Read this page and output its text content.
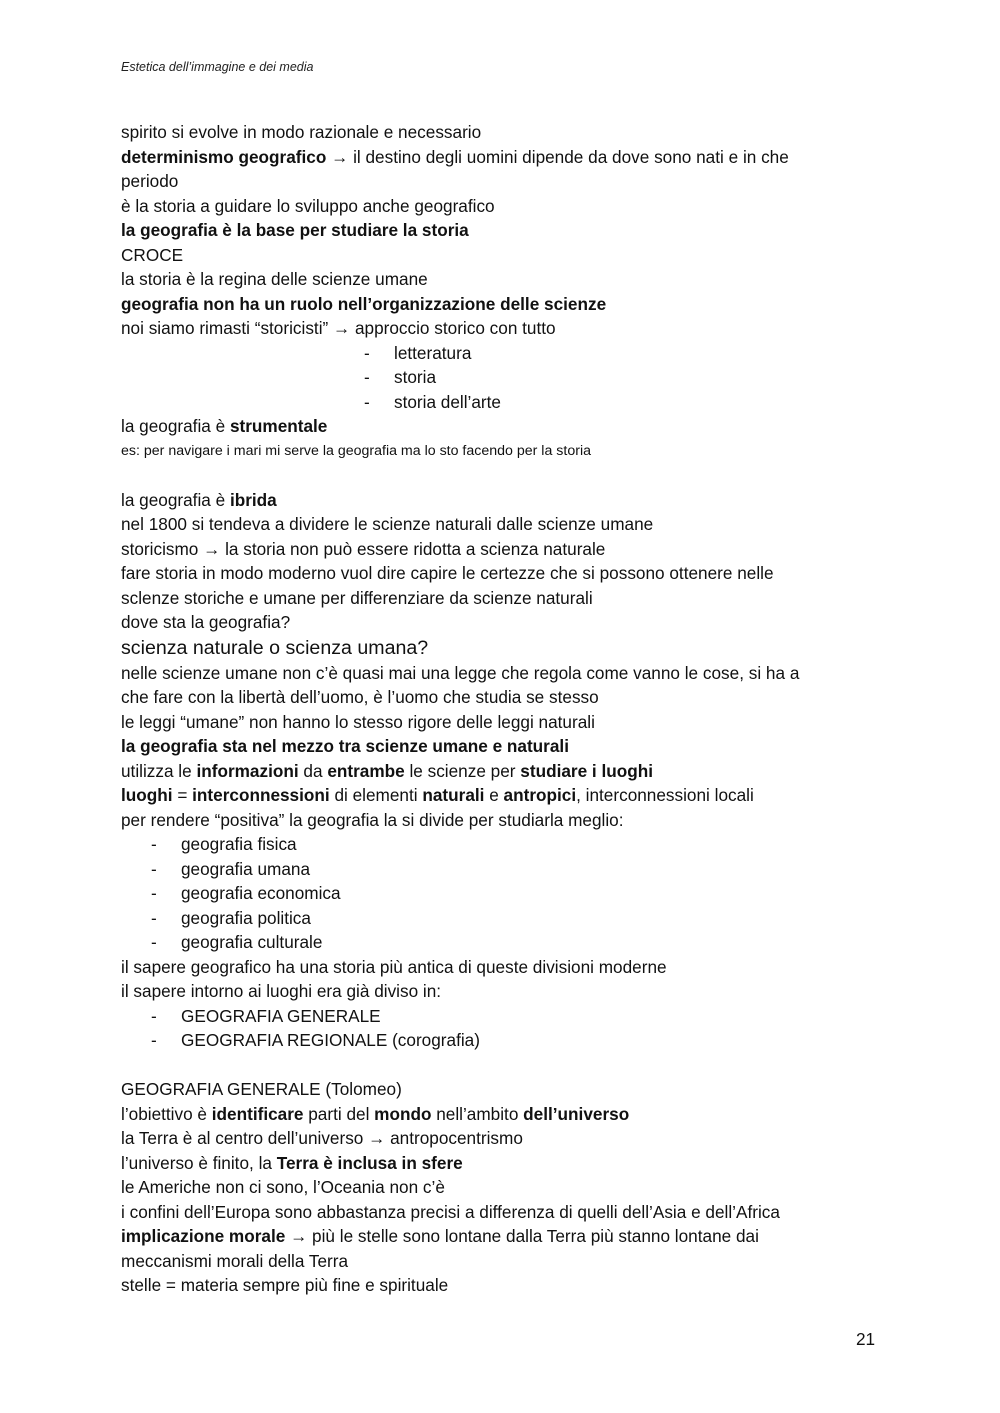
Estetica dell’immagine e dei media
spirito si evolve in modo razionale e necessario
determinismo geografico → il destino degli uomini dipende da dove sono nati e in che
periodo
è la storia a guidare lo sviluppo anche geografico
la geografia è la base per studiare la storia
CROCE
la storia è la regina delle scienze umane
geografia non ha un ruolo nell’organizzazione delle scienze
noi siamo rimasti “storicisti” → approccio storico con tutto
- letteratura
- storia
- storia dell’arte
la geografia è strumentale
es: per navigare i mari mi serve la geografia ma lo sto facendo per la storia
la geografia è ibrida
nel 1800 si tendeva a dividere le scienze naturali dalle scienze umane
storicismo → la storia non può essere ridotta a scienza naturale
fare storia in modo moderno vuol dire capire le certezze che si possono ottenere nelle
sclenze storiche e umane per differenziare da scienze naturali
dove sta la geografia?
scienza naturale o scienza umana?
nelle scienze umane non c’è quasi mai una legge che regola come vanno le cose, si ha a
che fare con la libertà dell’uomo, è l’uomo che studia se stesso
le leggi “umane” non hanno lo stesso rigore delle leggi naturali
la geografia sta nel mezzo tra scienze umane e naturali
utilizza le informazioni da entrambe le scienze per studiare i luoghi
luoghi = interconnessioni di elementi naturali e antropici, interconnessioni locali
per rendere “positiva” la geografia la si divide per studiarla meglio:
- geografia fisica
- geografia umana
- geografia economica
- geografia politica
- geografia culturale
il sapere geografico ha una storia più antica di queste divisioni moderne
il sapere intorno ai luoghi era già diviso in:
- GEOGRAFIA GENERALE
- GEOGRAFIA REGIONALE (corografia)
GEOGRAFIA GENERALE (Tolomeo)
l’obiettivo è identificare parti del mondo nell’ambito dell’universo
la Terra è al centro dell’universo → antropocentrismo
l’universo è finito, la Terra è inclusa in sfere
le Americhe non ci sono, l’Oceania non c’è
i confini dell’Europa sono abbastanza precisi a differenza di quelli dell’Asia e dell’Africa
implicazione morale → più le stelle sono lontane dalla Terra più stanno lontane dai
meccanismi morali della Terra
stelle = materia sempre più fine e spirituale
21
